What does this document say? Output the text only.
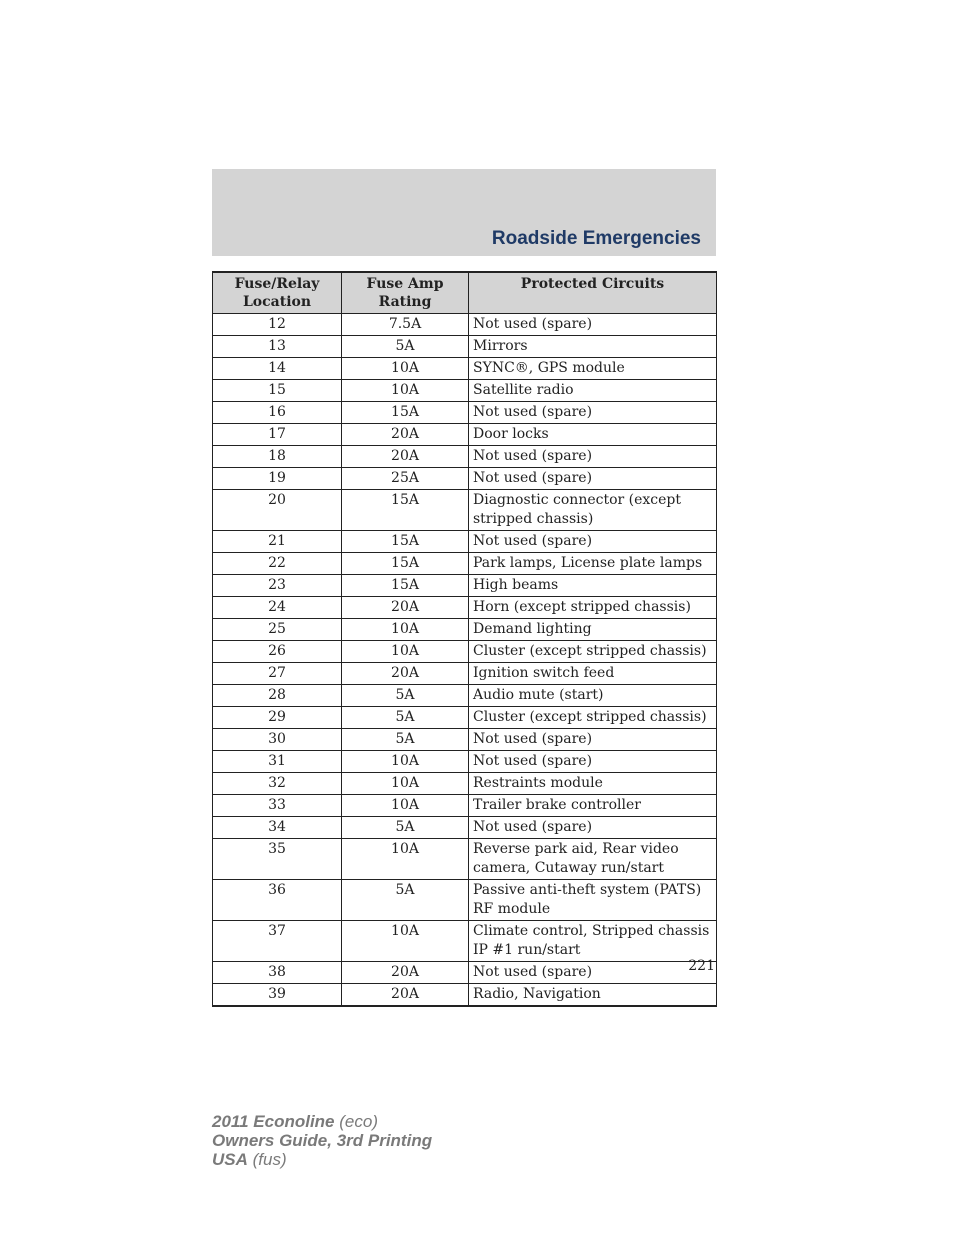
Roadside Emergencies
Fuse/Relay Location	Fuse Amp Rating	Protected Circuits
12	7.5A	Not used (spare)
13	5A	Mirrors
14	10A	SYNC®, GPS module
15	10A	Satellite radio
16	15A	Not used (spare)
17	20A	Door locks
18	20A	Not used (spare)
19	25A	Not used (spare)
20	15A	Diagnostic connector (except stripped chassis)
21	15A	Not used (spare)
22	15A	Park lamps, License plate lamps
23	15A	High beams
24	20A	Horn (except stripped chassis)
25	10A	Demand lighting
26	10A	Cluster (except stripped chassis)
27	20A	Ignition switch feed
28	5A	Audio mute (start)
29	5A	Cluster (except stripped chassis)
30	5A	Not used (spare)
31	10A	Not used (spare)
32	10A	Restraints module
33	10A	Trailer brake controller
34	5A	Not used (spare)
35	10A	Reverse park aid, Rear video camera, Cutaway run/start
36	5A	Passive anti-theft system (PATS) RF module
37	10A	Climate control, Stripped chassis IP #1 run/start
38	20A	Not used (spare)
39	20A	Radio, Navigation
221
2011 Econoline (eco)
Owners Guide, 3rd Printing
USA (fus)
